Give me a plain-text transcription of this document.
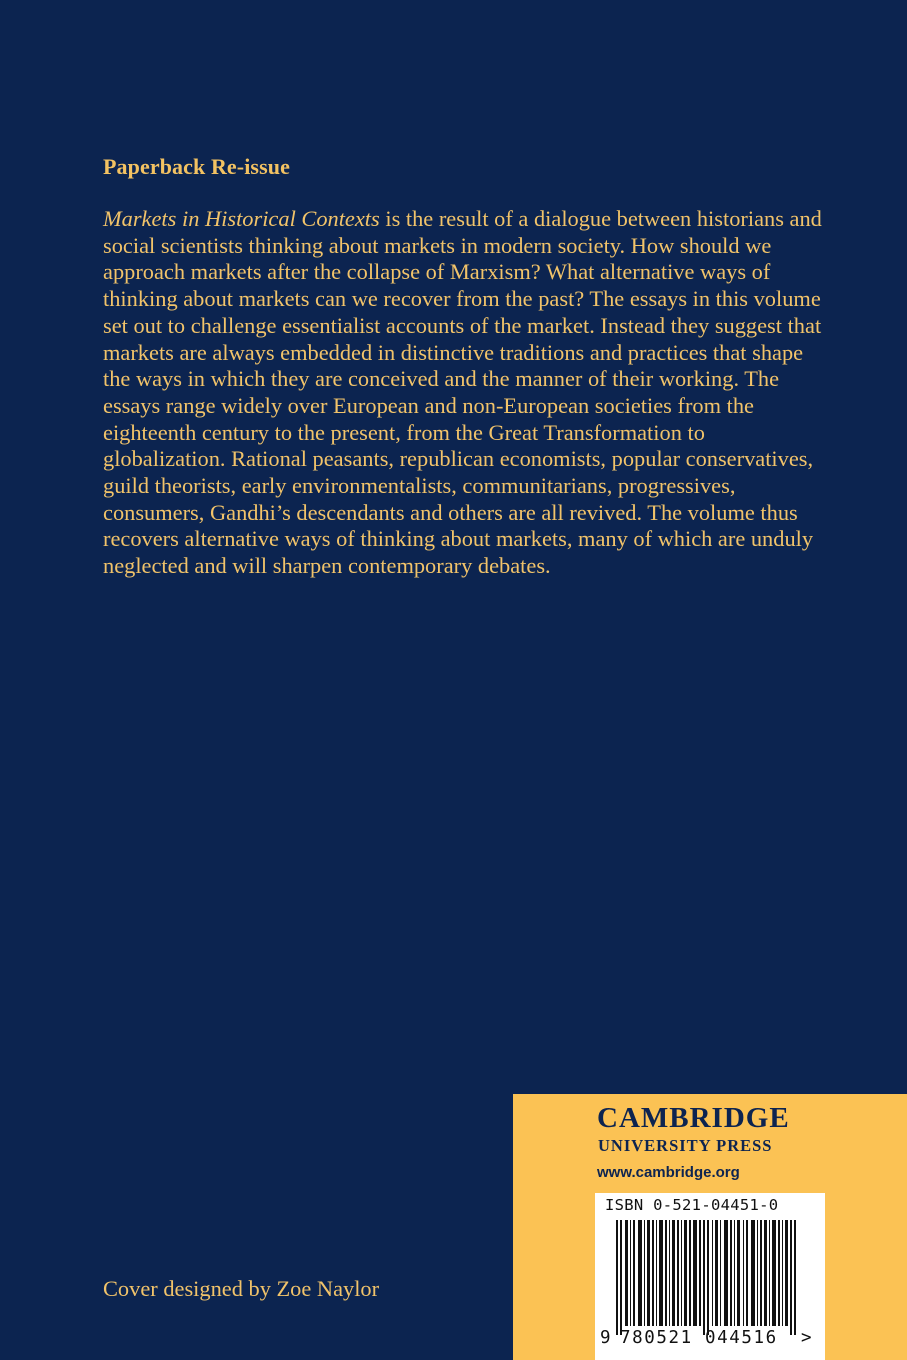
Paperback Re-issue
Markets in Historical Contexts is the result of a dialogue between historians and social scientists thinking about markets in modern society. How should we approach markets after the collapse of Marxism? What alternative ways of thinking about markets can we recover from the past? The essays in this volume set out to challenge essentialist accounts of the market. Instead they suggest that markets are always embedded in distinctive traditions and practices that shape the ways in which they are conceived and the manner of their working. The essays range widely over European and non-European societies from the eighteenth century to the present, from the Great Transformation to globalization. Rational peasants, republican economists, popular conservatives, guild theorists, early environmentalists, communitarians, progressives, consumers, Gandhi’s descendants and others are all revived. The volume thus recovers alternative ways of thinking about markets, many of which are unduly neglected and will sharpen contemporary debates.
Cover designed by Zoe Naylor
CAMBRIDGE
UNIVERSITY PRESS
www.cambridge.org
ISBN 0-521-04451-0
9 780521 044516 >
